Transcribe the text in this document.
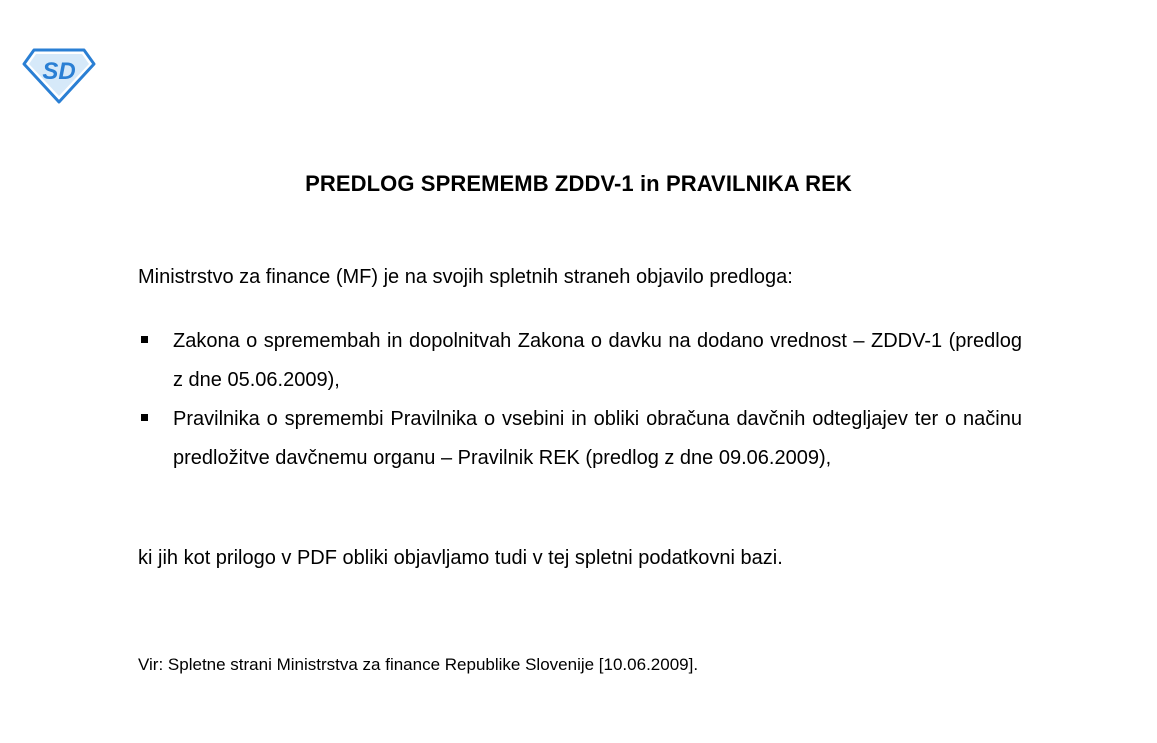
SD
PREDLOG SPREMEMB ZDDV-1 in PRAVILNIKA REK
Ministrstvo za finance (MF) je na svojih spletnih straneh objavilo predloga:
Zakona o spremembah in dopolnitvah Zakona o davku na dodano vrednost – ZDDV-1 (predlog z dne 05.06.2009),
Pravilnika o spremembi Pravilnika o vsebini in obliki obračuna davčnih odtegljajev ter o načinu predložitve davčnemu organu – Pravilnik REK (predlog z dne 09.06.2009),
ki jih kot prilogo v PDF obliki objavljamo tudi v tej spletni podatkovni bazi.
Vir: Spletne strani Ministrstva za finance Republike Slovenije [10.06.2009].
